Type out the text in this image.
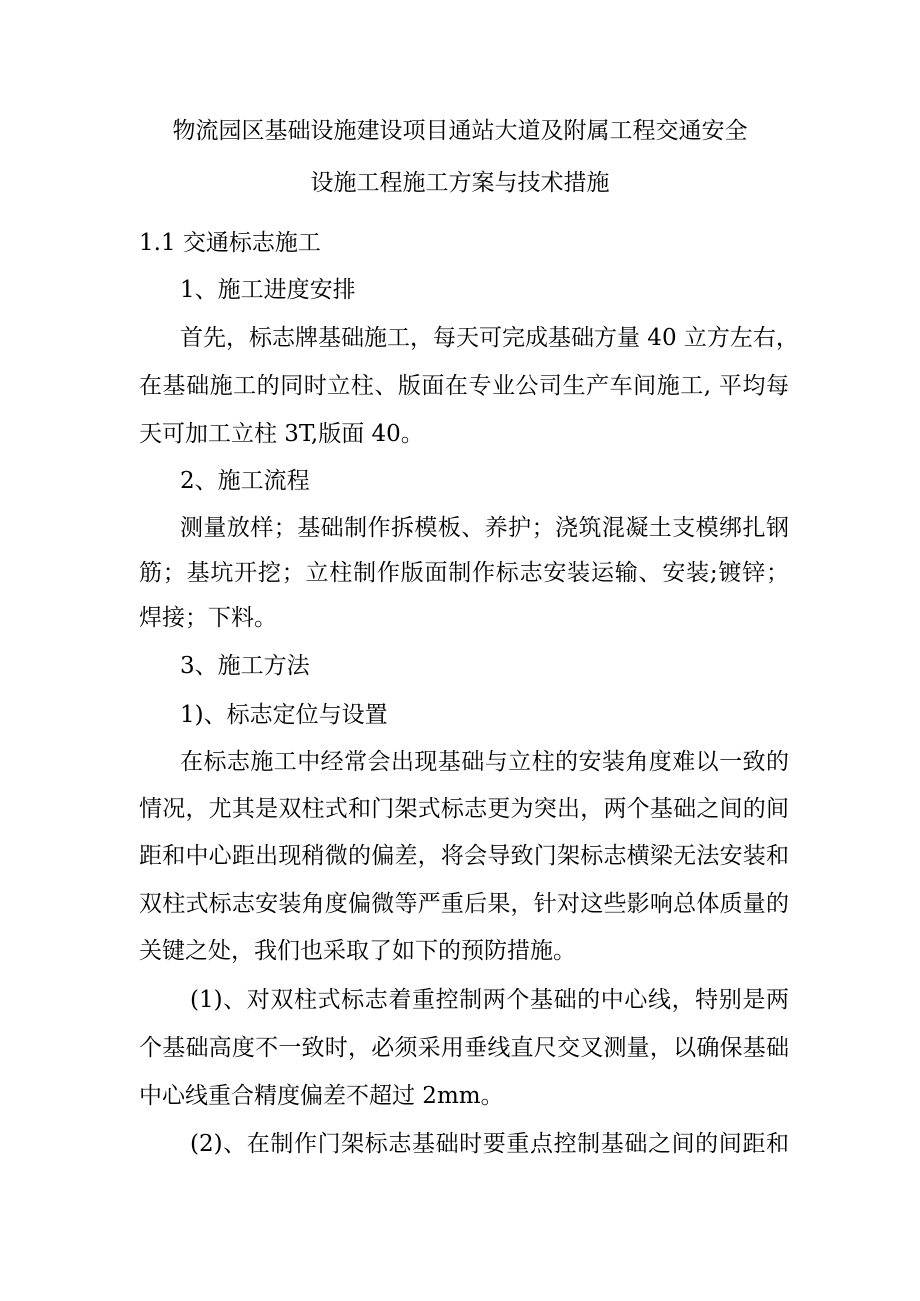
物流园区基础设施建设项目通站大道及附属工程交通安全
设施工程施工方案与技术措施
1.1 交通标志施工
1、施工进度安排
首先，标志牌基础施工，每天可完成基础方量 40 立方左右，
在基础施工的同时立柱、版面在专业公司生产车间施工, 平均每
天可加工立柱 3T,版面 40。
2、施工流程
测量放样；基础制作拆模板、养护；浇筑混凝土支模绑扎钢
筋；基坑开挖；立柱制作版面制作标志安装运输、安装;镀锌；
焊接；下料。
3、施工方法
1)、标志定位与设置
在标志施工中经常会出现基础与立柱的安装角度难以一致的
情况，尤其是双柱式和门架式标志更为突出，两个基础之间的间
距和中心距出现稍微的偏差，将会导致门架标志横梁无法安装和
双柱式标志安装角度偏微等严重后果，针对这些影响总体质量的
关键之处，我们也采取了如下的预防措施。
(1)、对双柱式标志着重控制两个基础的中心线，特别是两
个基础高度不一致时，必须采用垂线直尺交叉测量，以确保基础
中心线重合精度偏差不超过 2mm。
(2)、在制作门架标志基础时要重点控制基础之间的间距和
